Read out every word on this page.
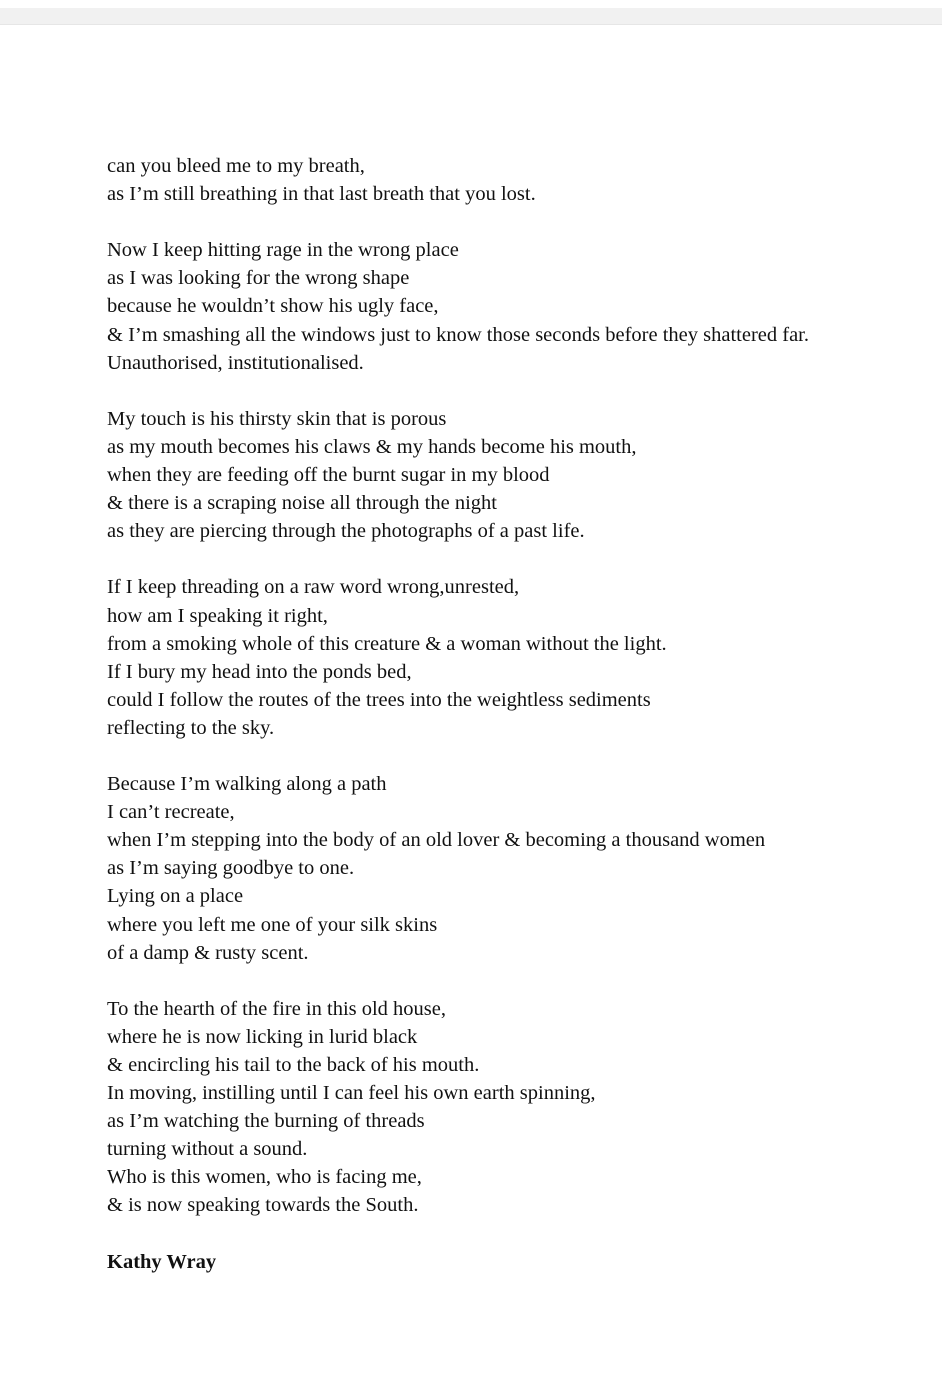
can you bleed me to my breath,
as I’m still breathing in that last breath that you lost.
Now I keep hitting rage in the wrong place
as I was looking for the wrong shape
because he wouldn’t show his ugly face,
& I’m smashing all the windows just to know those seconds before they shattered far.
Unauthorised, institutionalised.
My touch is his thirsty skin that is porous
as my mouth becomes his claws & my hands become his mouth,
when they are feeding off the burnt sugar in my blood
& there is a scraping noise all through the night
as they are piercing through the photographs of a past life.
If I keep threading on a raw word wrong,unrested,
how am I speaking it right,
from a smoking whole of this creature & a woman without the light.
If I bury my head into the ponds bed,
could I follow the routes of the trees into the weightless sediments
reflecting to the sky.
Because I’m walking along a path
I can’t recreate,
when I’m stepping into the body of an old lover & becoming a thousand women
as I’m saying goodbye to one.
Lying on a place
where you left me one of your silk skins
of a damp & rusty scent.
To the hearth of the fire in this old house,
where he is now licking in lurid black
& encircling his tail to the back of his mouth.
In moving, instilling until I can feel his own earth spinning,
as I’m watching the burning of threads
turning without a sound.
Who is this women, who is facing me,
& is now speaking towards the South.
Kathy Wray
